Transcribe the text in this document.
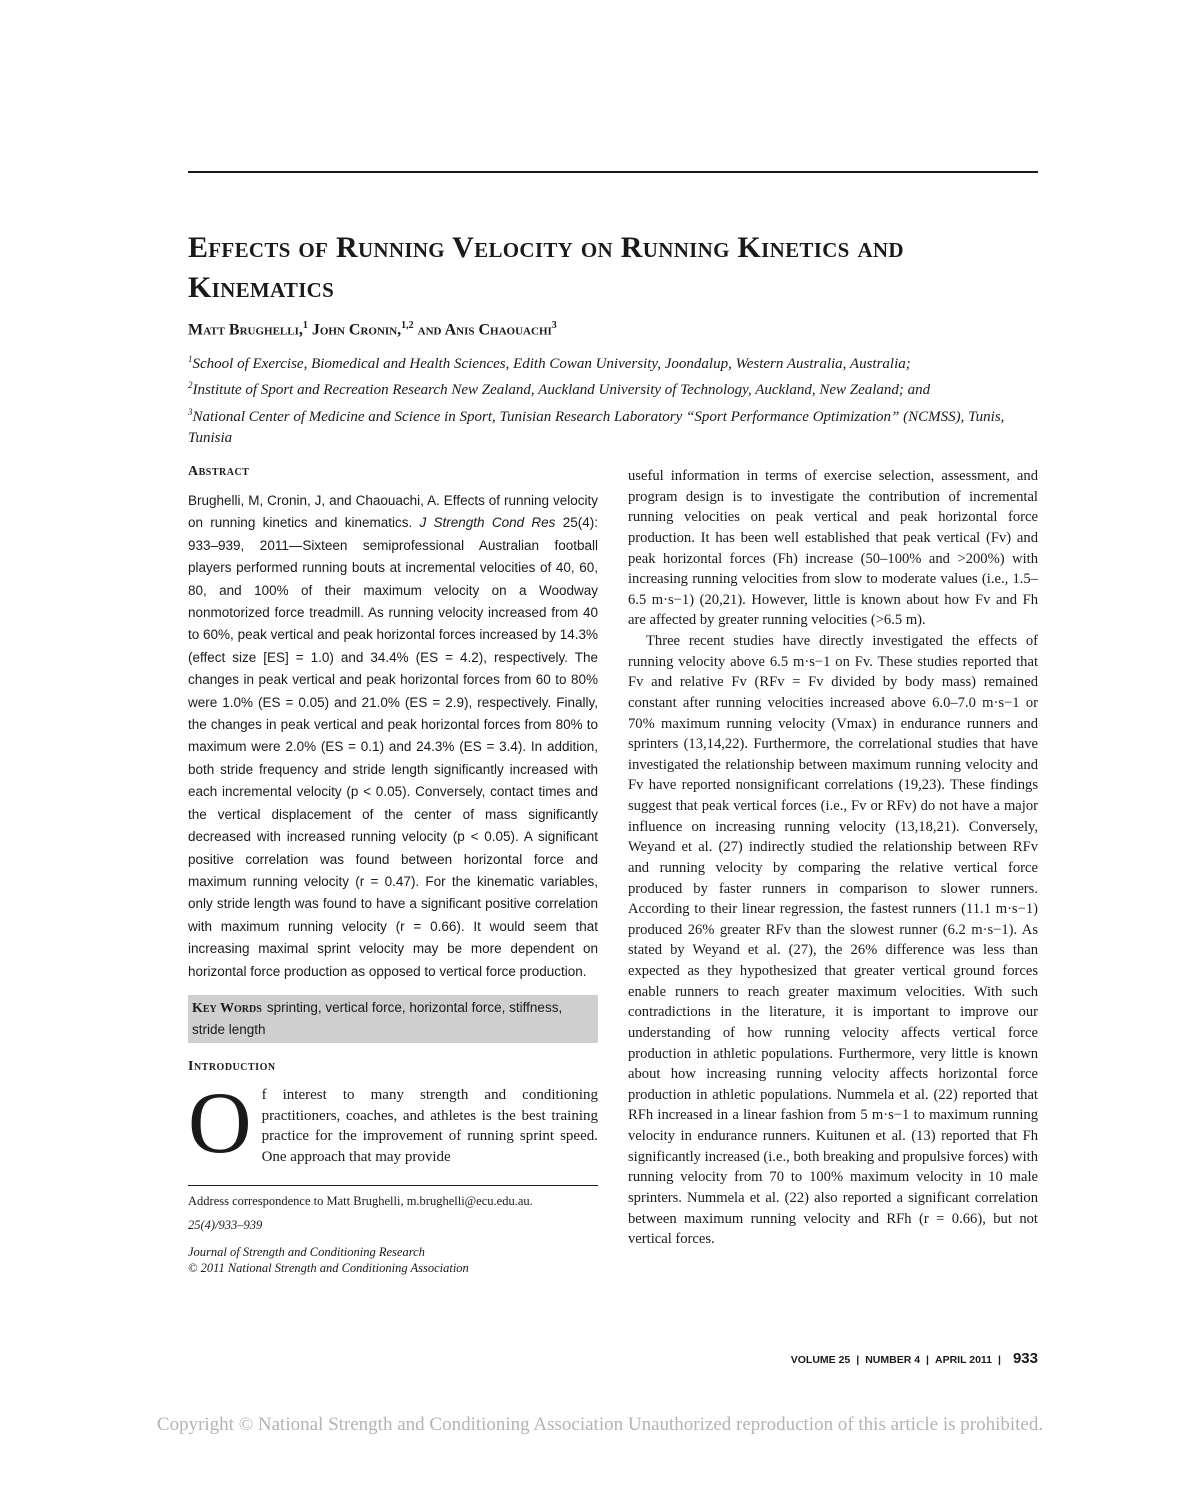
Effects of Running Velocity on Running Kinetics and Kinematics
Matt Brughelli,$^1$ John Cronin,$^{1,2}$ and Anis Chaouachi$^3$
$^1$School of Exercise, Biomedical and Health Sciences, Edith Cowan University, Joondalup, Western Australia, Australia;
$^2$Institute of Sport and Recreation Research New Zealand, Auckland University of Technology, Auckland, New Zealand; and
$^3$National Center of Medicine and Science in Sport, Tunisian Research Laboratory “Sport Performance Optimization” (NCMSS), Tunis, Tunisia
Abstract

Brughelli, M, Cronin, J, and Chaouachi, A. Effects of running velocity on running kinetics and kinematics. J Strength Cond Res 25(4): 933–939, 2011—Sixteen semiprofessional Australian football players performed running bouts at incremental velocities of 40, 60, 80, and 100% of their maximum velocity on a Woodway nonmotorized force treadmill. As running velocity increased from 40 to 60%, peak vertical and peak horizontal forces increased by 14.3% (effect size [ES] = 1.0) and 34.4% (ES = 4.2), respectively. The changes in peak vertical and peak horizontal forces from 60 to 80% were 1.0% (ES = 0.05) and 21.0% (ES = 2.9), respectively. Finally, the changes in peak vertical and peak horizontal forces from 80% to maximum were 2.0% (ES = 0.1) and 24.3% (ES = 3.4). In addition, both stride frequency and stride length significantly increased with each incremental velocity (p < 0.05). Conversely, contact times and the vertical displacement of the center of mass significantly decreased with increased running velocity (p < 0.05). A significant positive correlation was found between horizontal force and maximum running velocity (r = 0.47). For the kinematic variables, only stride length was found to have a significant positive correlation with maximum running velocity (r = 0.66). It would seem that increasing maximal sprint velocity may be more dependent on horizontal force production as opposed to vertical force production.

Key Words sprinting, vertical force, horizontal force, stiffness, stride length
Introduction

Of interest to many strength and conditioning practitioners, coaches, and athletes is the best training practice for the improvement of running sprint speed. One approach that may provide

Address correspondence to Matt Brughelli, m.brughelli@ecu.edu.au.
25(4)/933–939
Journal of Strength and Conditioning Research
© 2011 National Strength and Conditioning Association

useful information in terms of exercise selection, assessment, and program design is to investigate the contribution of incremental running velocities on peak vertical and peak horizontal force production. It has been well established that peak vertical (Fv) and peak horizontal forces (Fh) increase (50–100% and >200%) with increasing running velocities from slow to moderate values (i.e., 1.5–6.5 m·s−1) (20,21). However, little is known about how Fv and Fh are affected by greater running velocities (>6.5 m).

Three recent studies have directly investigated the effects of running velocity above 6.5 m·s−1 on Fv. These studies reported that Fv and relative Fv (RFv = Fv divided by body mass) remained constant after running velocities increased above 6.0–7.0 m·s−1 or 70% maximum running velocity (Vmax) in endurance runners and sprinters (13,14,22). Furthermore, the correlational studies that have investigated the relationship between maximum running velocity and Fv have reported nonsignificant correlations (19,23). These findings suggest that peak vertical forces (i.e., Fv or RFv) do not have a major influence on increasing running velocity (13,18,21). Conversely, Weyand et al. (27) indirectly studied the relationship between RFv and running velocity by comparing the relative vertical force produced by faster runners in comparison to slower runners. According to their linear regression, the fastest runners (11.1 m·s−1) produced 26% greater RFv than the slowest runner (6.2 m·s−1). As stated by Weyand et al. (27), the 26% difference was less than expected as they hypothesized that greater vertical ground forces enable runners to reach greater maximum velocities. With such contradictions in the literature, it is important to improve our understanding of how running velocity affects vertical force production in athletic populations. Furthermore, very little is known about how increasing running velocity affects horizontal force production in athletic populations. Nummela et al. (22) reported that RFh increased in a linear fashion from 5 m·s−1 to maximum running velocity in endurance runners. Kuitunen et al. (13) reported that Fh significantly increased (i.e., both breaking and propulsive forces) with running velocity from 70 to 100% maximum velocity in 10 male sprinters. Nummela et al. (22) also reported a significant correlation between maximum running velocity and RFh (r = 0.66), but not vertical forces.

VOLUME 25 | NUMBER 4 | APRIL 2011 | 933
Copyright © National Strength and Conditioning Association Unauthorized reproduction of this article is prohibited.
